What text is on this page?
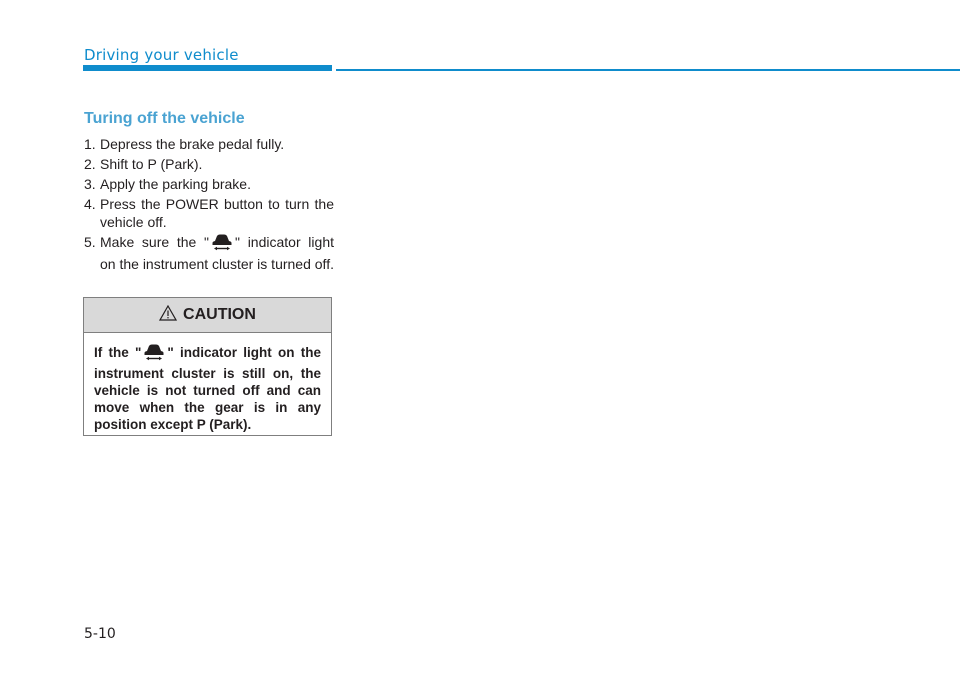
Driving your vehicle
Turing off the vehicle
1. Depress the brake pedal fully.
2. Shift to P (Park).
3. Apply the parking brake.
4. Press the POWER button to turn the vehicle off.
5. Make sure the " " indicator light on the instrument cluster is turned off.
CAUTION
If the " " indicator light on the instrument cluster is still on, the vehicle is not turned off and can move when the gear is in any position except P (Park).
5-10
